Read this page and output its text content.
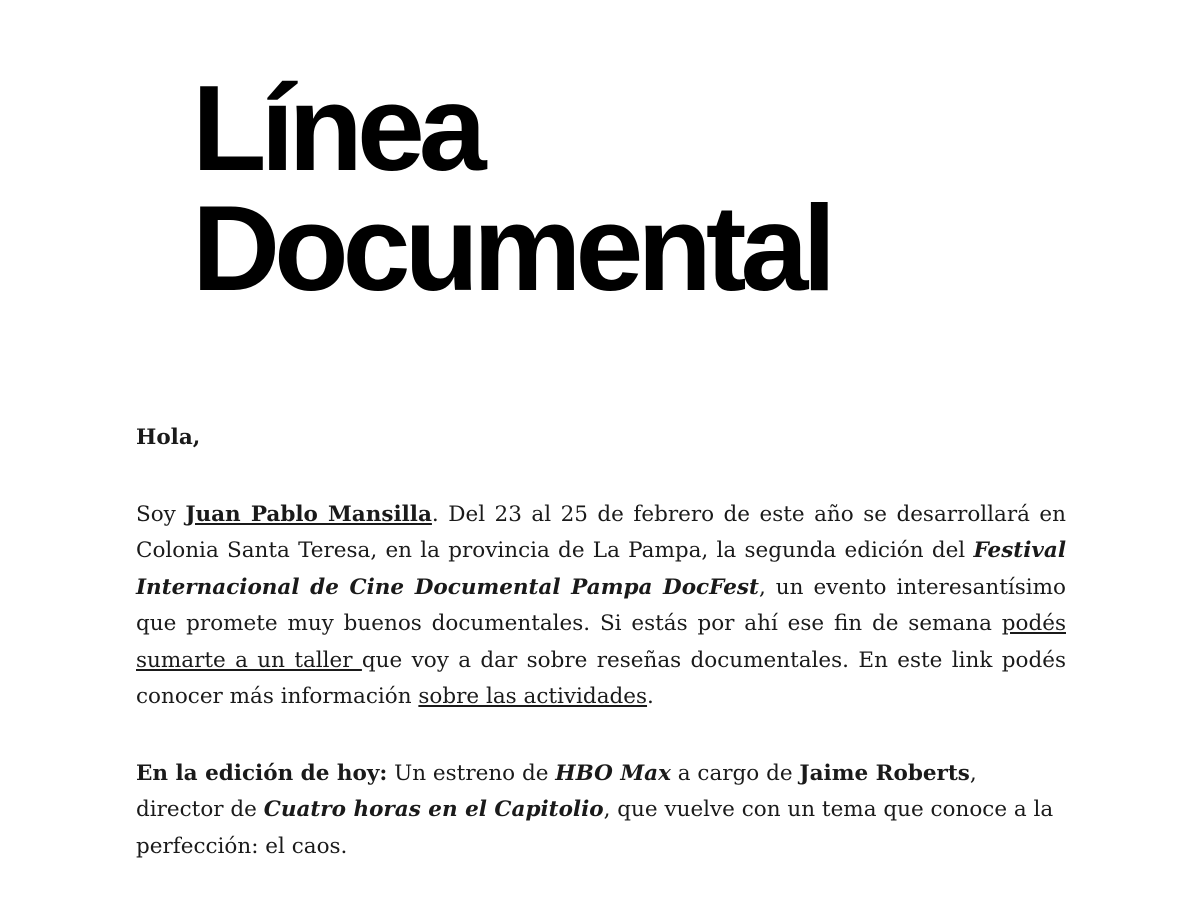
Línea
Documental

Hola,

Soy Juan Pablo Mansilla. Del 23 al 25 de febrero de este año se desarrollará en Colonia Santa Teresa, en la provincia de La Pampa, la segunda edición del Festival Internacional de Cine Documental Pampa DocFest, un evento interesantísimo que promete muy buenos documentales. Si estás por ahí ese fin de semana podés sumarte a un taller que voy a dar sobre reseñas documentales. En este link podés conocer más información sobre las actividades.

En la edición de hoy: Un estreno de HBO Max a cargo de Jaime Roberts, director de Cuatro horas en el Capitolio, que vuelve con un tema que conoce a la perfección: el caos.
